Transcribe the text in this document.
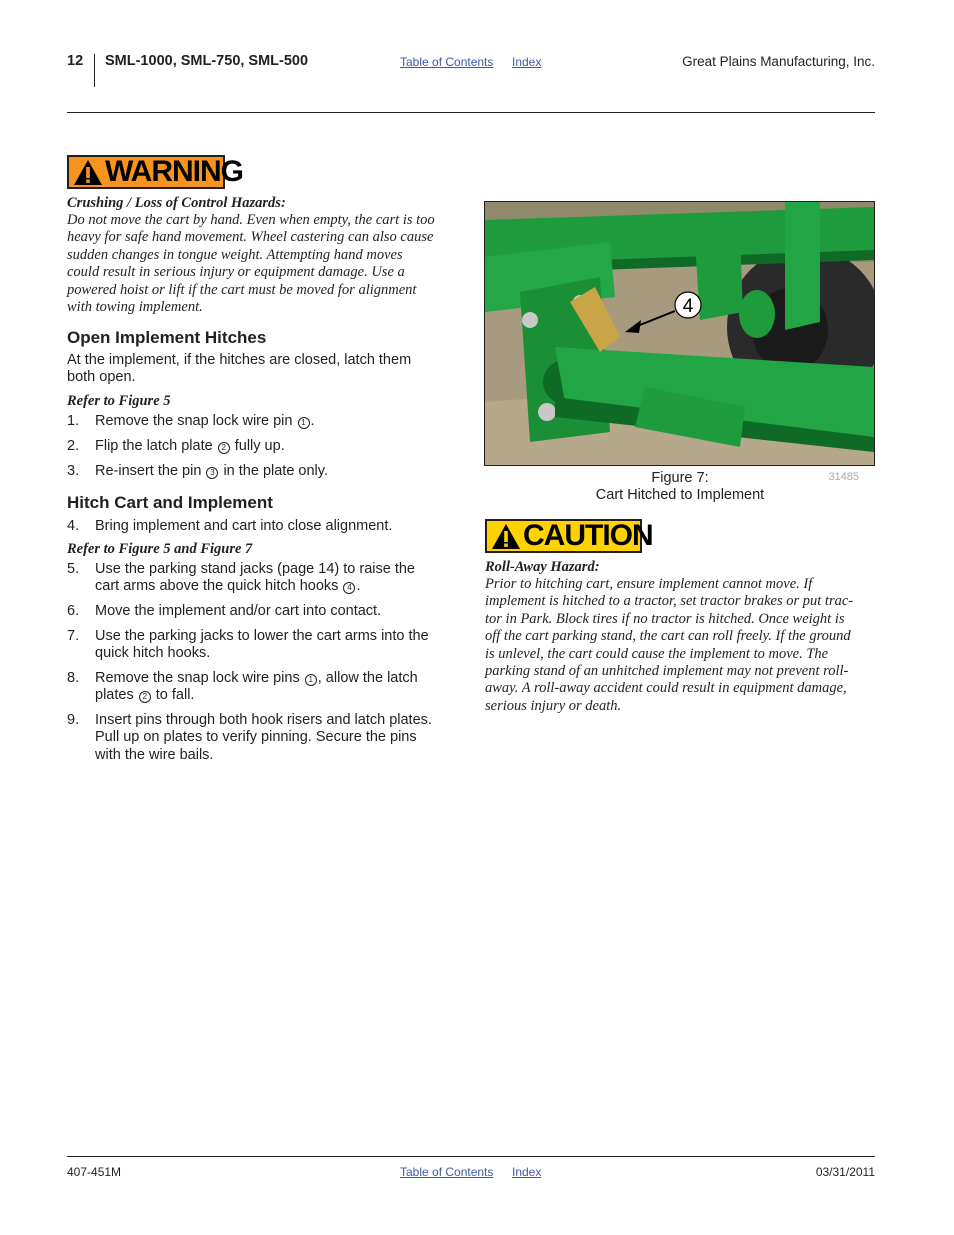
12 SML-1000, SML-750, SML-500	Table of Contents Index	Great Plains Manufacturing, Inc.
WARNING
Crushing / Loss of Control Hazards:
Do not move the cart by hand. Even when empty, the cart is too
heavy for safe hand movement. Wheel castering can also cause
sudden changes in tongue weight. Attempting hand moves
could result in serious injury or equipment damage. Use a
powered hoist or lift if the cart must be moved for alignment
with towing implement.
Open Implement Hitches
At the implement, if the hitches are closed, latch them
both open.
Refer to Figure 5
1. Remove the snap lock wire pin 1 .
2. Flip the latch plate 2 fully up.
3. Re-insert the pin 3 in the plate only.
Hitch Cart and Implement
4. Bring implement and cart into close alignment.
Refer to Figure 5 and Figure 7
5. Use the parking stand jacks (page 14) to raise the
cart arms above the quick hitch hooks 4 .
6. Move the implement and/or cart into contact.
7. Use the parking jacks to lower the cart arms into the
quick hitch hooks.
8. Remove the snap lock wire pins 1 , allow the latch
plates 2 to fall.
9. Insert pins through both hook risers and latch plates.
Pull up on plates to verify pinning. Secure the pins
with the wire bails.
4
Figure 7:
Cart Hitched to Implement
31485
CAUTION
Roll-Away Hazard:
Prior to hitching cart, ensure implement cannot move. If
implement is hitched to a tractor, set tractor brakes or put trac-
tor in Park. Block tires if no tractor is hitched. Once weight is
off the cart parking stand, the cart can roll freely. If the ground
is unlevel, the cart could cause the implement to move. The
parking stand of an unhitched implement may not prevent roll-
away. A roll-away accident could result in equipment damage,
serious injury or death.
407-451M	Table of Contents Index	03/31/2011
